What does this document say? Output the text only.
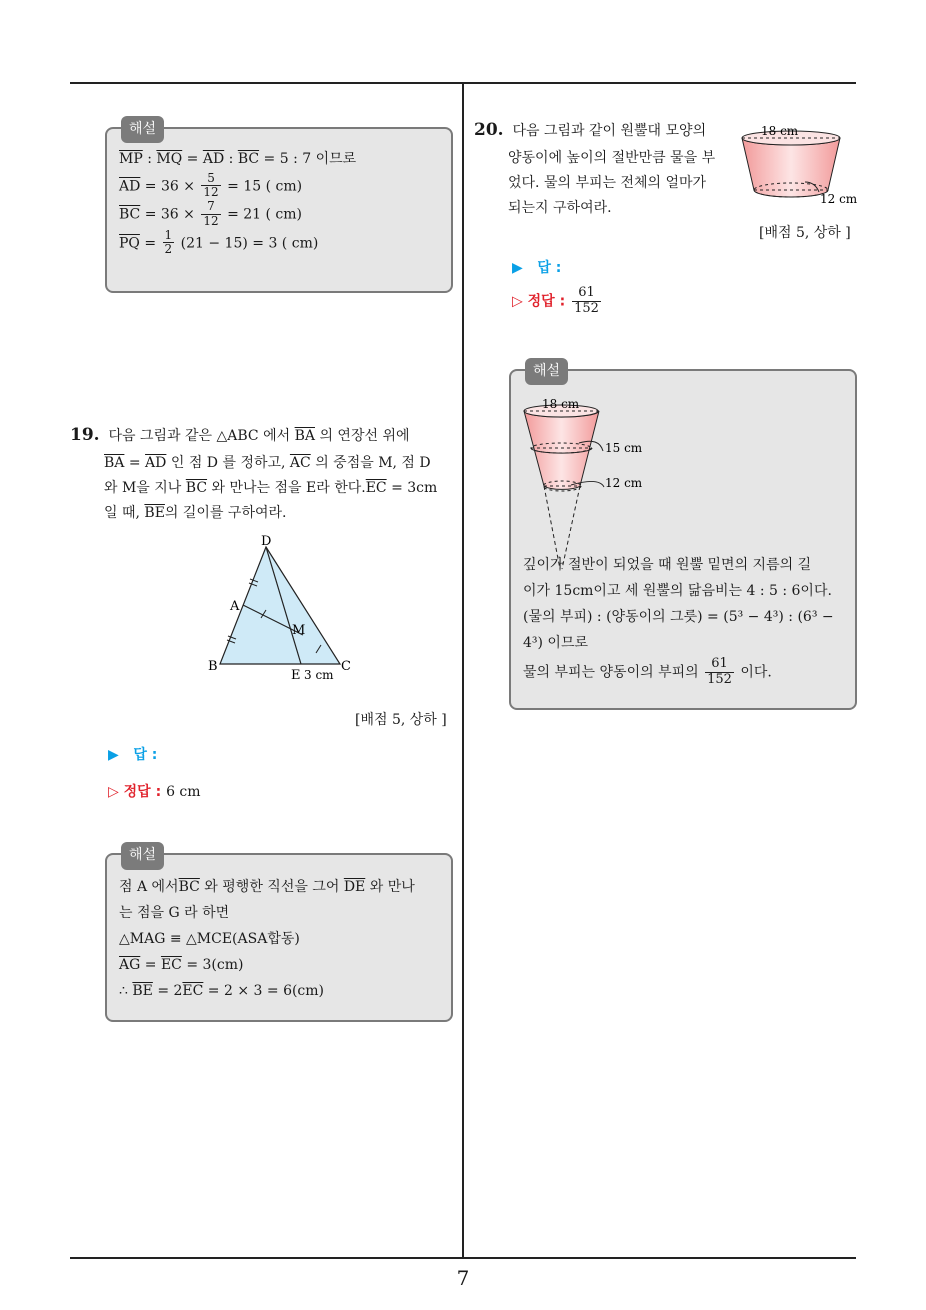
해설
$\overline{MP}$ : $\overline{MQ} = \overline{AD}$ : $\overline{BC} = 5$ : 7 이므로
$\overline{AD} = 36 \times \frac{5}{12} = 15$ ( cm)
$\overline{BC} = 36 \times \frac{7}{12} = 21$ ( cm)
$\overline{PQ} = \frac{1}{2} (21 - 15) = 3$ ( cm)
19. 다음 그림과 같은 △ABC 에서 $\overline{BA}$ 의 연장선 위에
$\overline{BA} = \overline{AD}$ 인 점 D 를 정하고, $\overline{AC}$ 의 중점을 M, 점 D
와 M을 지나 $\overline{BC}$ 와 만나는 점을 E라 한다$.\overline{EC} = 3cm$
일 때, $\overline{BE}$의 길이를 구하여라.
D
A
M
B
E
C
3 cm
[배점 5, 상하 ]
▶ 답 :
▷ 정답 : 6 cm
해설
점 A 에서$\overline{BC}$ 와 평행한 직선을 그어 $\overline{DE}$ 와 만나
는 점을 G 라 하면
△MAG ≡ △MCE(ASA합동)
$\overline{AG} = \overline{EC} = 3(cm)$
∴ $\overline{BE} = 2\overline{EC} = 2 \times 3 = 6(cm)$
20. 다음 그림과 같이 원뿔대 모양의
양동이에 높이의 절반만큼 물을 부
었다. 물의 부피는 전체의 얼마가
되는지 구하여라.
18 cm
12 cm
[배점 5, 상하 ]
▶ 답 :
▷ 정답 : $\frac{61}{152}$
해설
18 cm
15 cm
12 cm
깊이가 절반이 되었을 때 원뿔 밑면의 지름의 길
이가 15cm이고 세 원뿔의 닮음비는 4 : 5 : 6이다.
(물의 부피) : (양동이의 그릇) = (5³ − 4³) : (6³ −
4³) 이므로
물의 부피는 양동이의 부피의 $\frac{61}{152}$ 이다.
7
